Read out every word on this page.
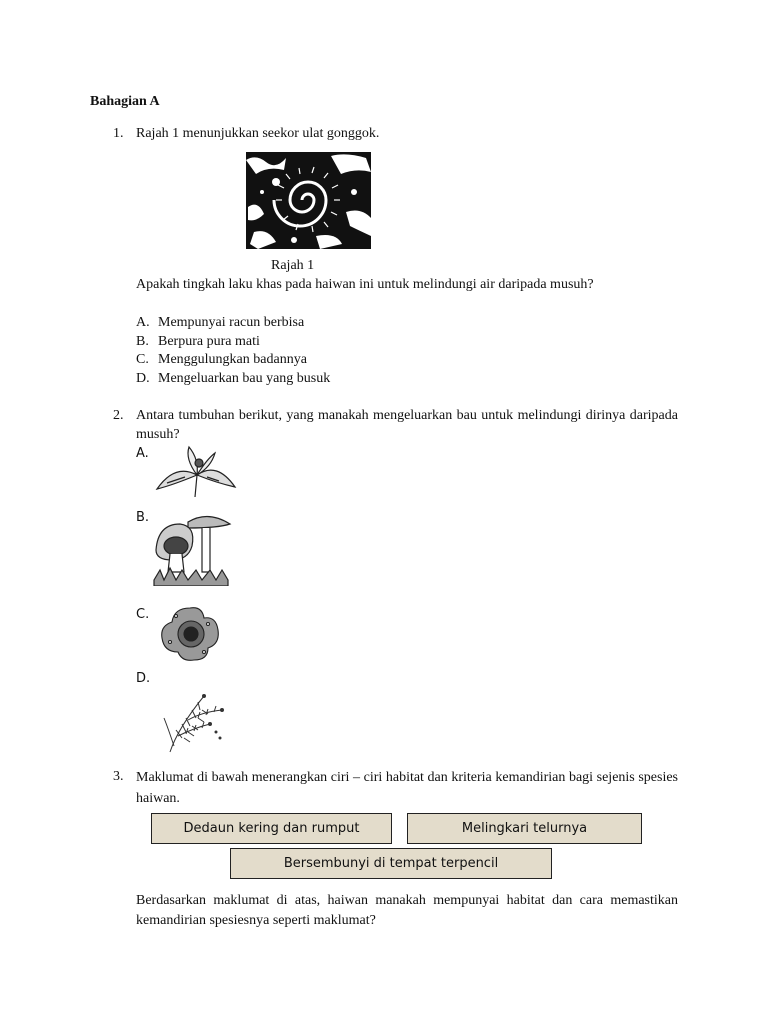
Bahagian A
1. Rajah 1 menunjukkan seekor ulat gonggok.
Rajah 1
Apakah tingkah laku khas pada haiwan ini untuk melindungi air daripada musuh?
A. Mempunyai racun berbisa
B. Berpura pura mati
C. Menggulungkan badannya
D. Mengeluarkan bau yang busuk
2. Antara tumbuhan berikut, yang manakah mengeluarkan bau untuk melindungi dirinya daripada musuh?
A.
B.
C.
D.
3. Maklumat di bawah menerangkan ciri – ciri habitat dan kriteria kemandirian bagi sejenis spesies haiwan.
Dedaun kering dan rumput	Melingkari telurnya
Bersembunyi di tempat terpencil
Berdasarkan maklumat di atas, haiwan manakah mempunyai habitat dan cara memastikan kemandirian spesiesnya seperti maklumat?
